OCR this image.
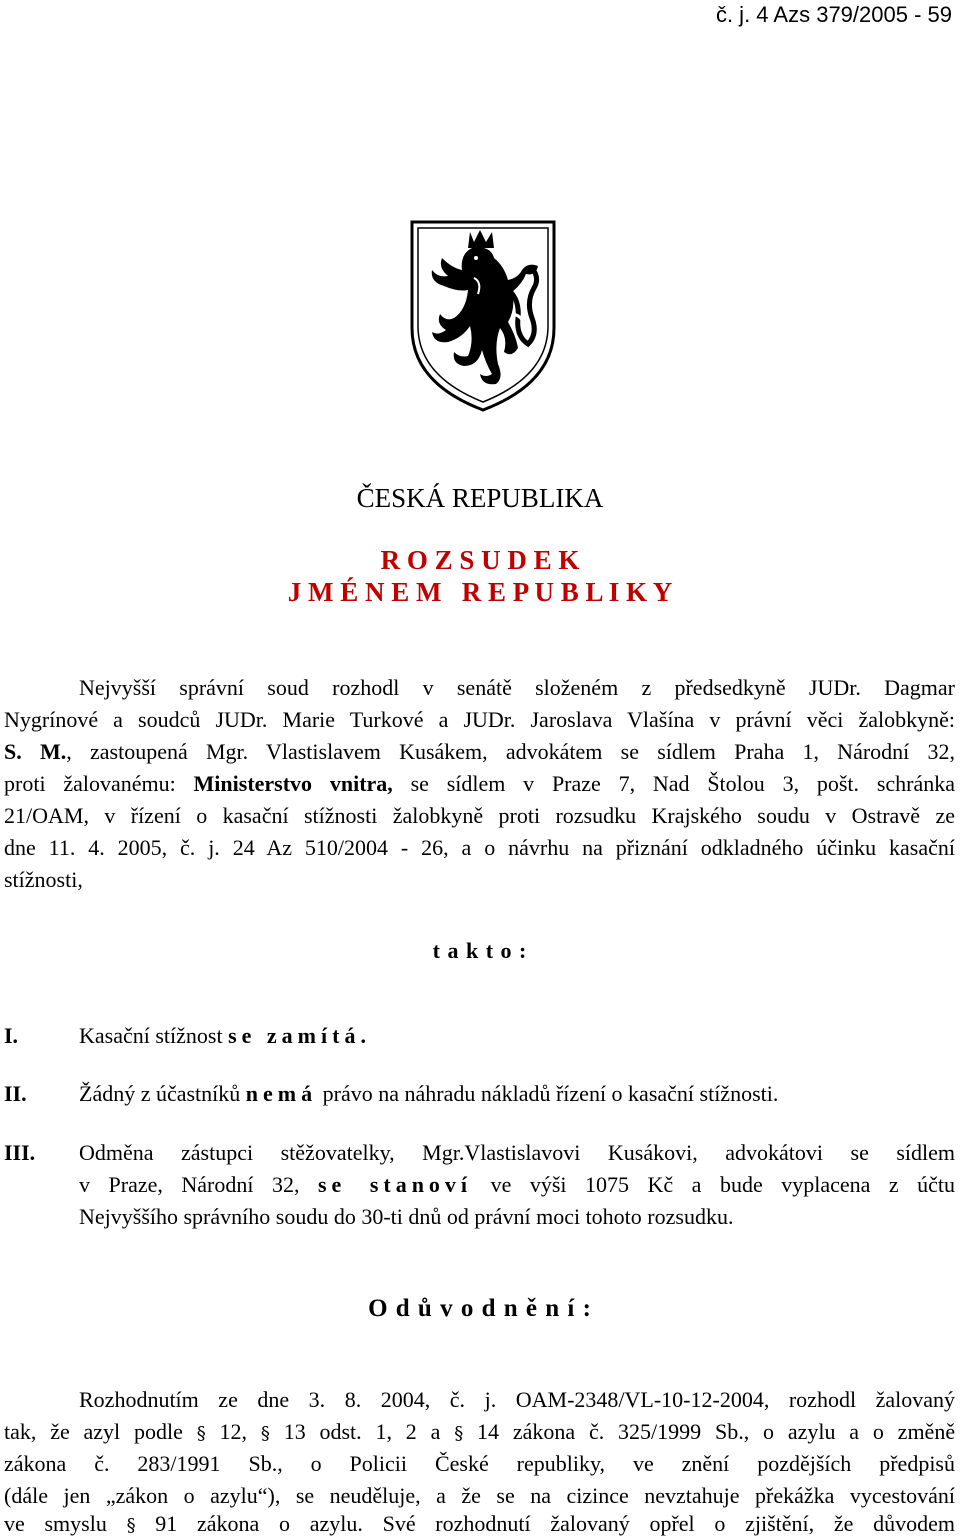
č. j. 4 Azs 379/2005 - 59
ČESKÁ REPUBLIKA
R O Z S U D E K
J M É N E M   R E P U B L I K Y
Nejvyšší správní soud rozhodl v senátě složeném z předsedkyně JUDr. Dagmar
Nygrínové a soudců JUDr. Marie Turkové a JUDr. Jaroslava Vlašína v právní věci žalobkyně:
S. M., zastoupená Mgr. Vlastislavem Kusákem, advokátem se sídlem Praha 1, Národní 32,
proti žalovanému: Ministerstvo vnitra, se sídlem v Praze 7, Nad Štolou 3, pošt. schránka
21/OAM, v řízení o kasační stížnosti žalobkyně proti rozsudku Krajského soudu v Ostravě ze
dne 11. 4. 2005, č. j. 24 Az 510/2004 - 26, a o návrhu na přiznání odkladného účinku kasační
stížnosti,
t a k t o :
I.	Kasační stížnost se zamítá.
II. Žádný z účastníků nemá právo na náhradu nákladů řízení o kasační stížnosti.
III. Odměna zástupci stěžovatelky, Mgr.Vlastislavovi Kusákovi, advokátovi se sídlem
v Praze, Národní 32, se stanoví ve výši 1075 Kč a bude vyplacena z účtu
Nejvyššího správního soudu do 30-ti dnů od právní moci tohoto rozsudku.
O d ů v o d n ě n í :
Rozhodnutím ze dne 3. 8. 2004, č. j. OAM-2348/VL-10-12-2004, rozhodl žalovaný
tak, že azyl podle § 12, § 13 odst. 1, 2 a § 14 zákona č. 325/1999 Sb., o azylu a o změně
zákona č. 283/1991 Sb., o Policii České republiky, ve znění pozdějších předpisů
(dále jen „zákon o azylu“), se neuděluje, a že se na cizince nevztahuje překážka vycestování
ve smyslu § 91 zákona o azylu. Své rozhodnutí žalovaný opřel o zjištění, že důvodem
